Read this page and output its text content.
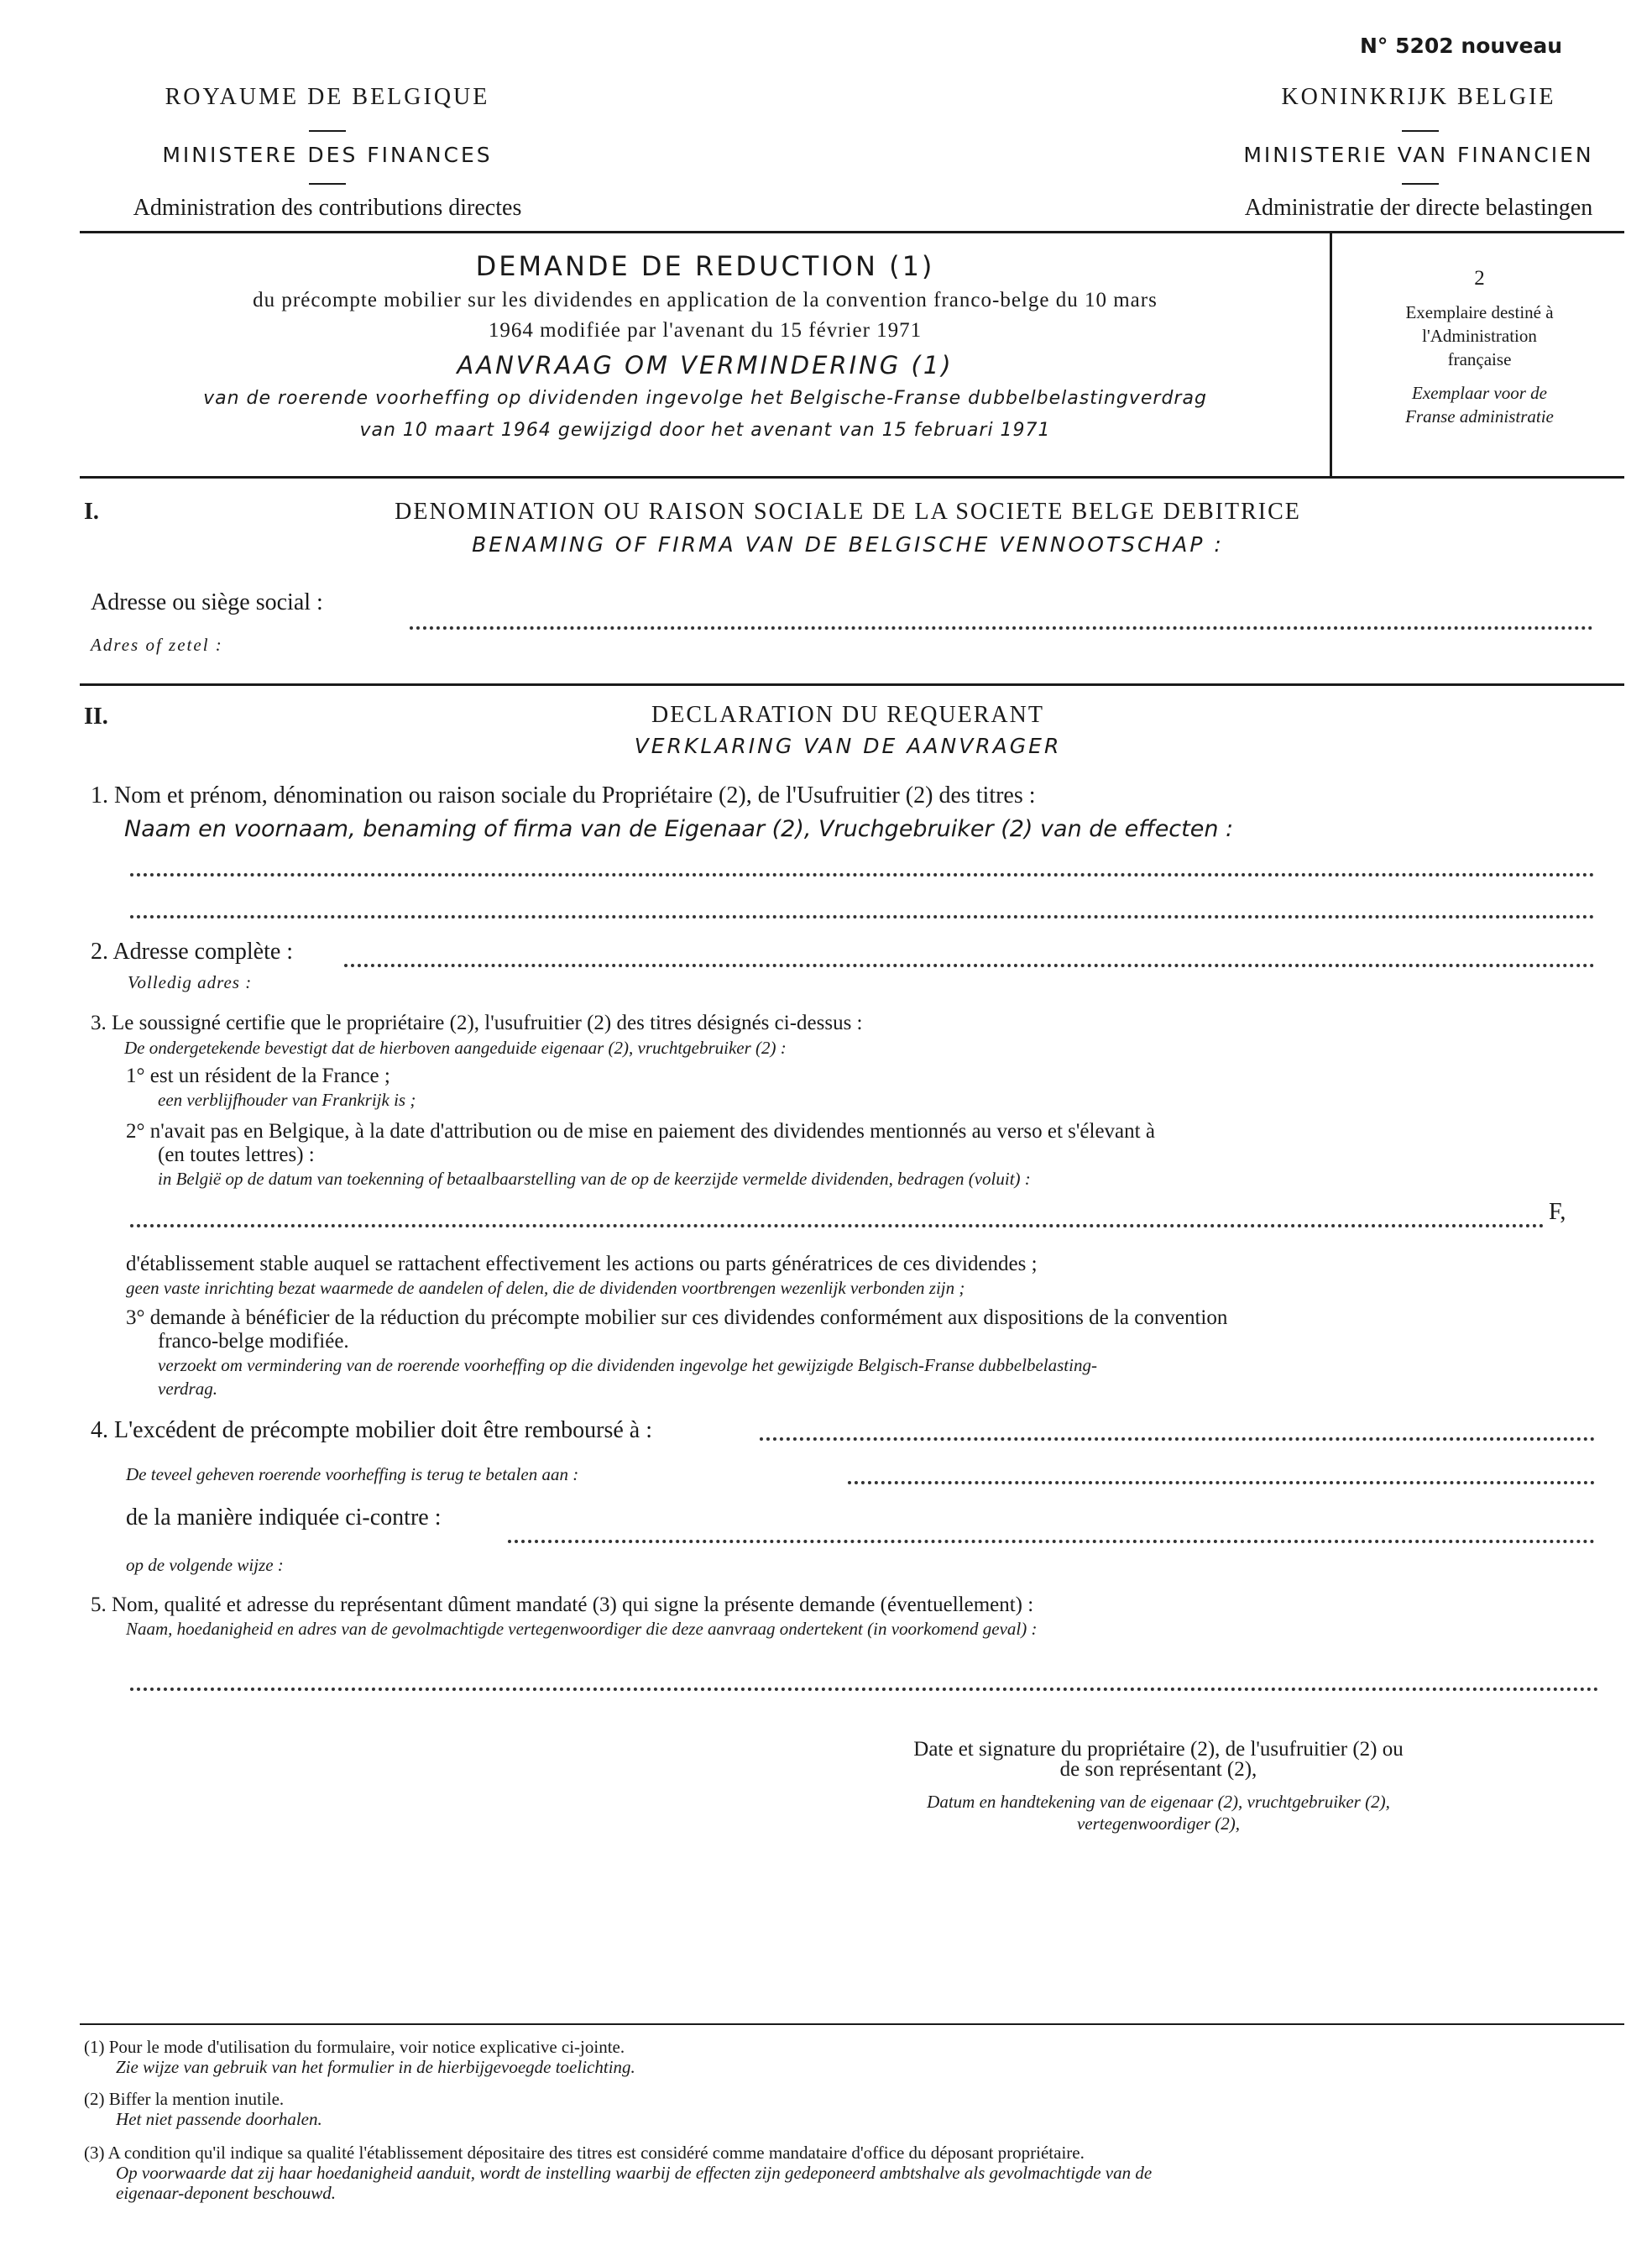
N° 5202 nouveau
ROYAUME DE BELGIQUE
MINISTERE DES FINANCES
Administration des contributions directes
KONINKRIJK BELGIE
MINISTERIE VAN FINANCIEN
Administratie der directe belastingen
DEMANDE DE REDUCTION (1)
du précompte mobilier sur les dividendes en application de la convention franco-belge du 10 mars
1964 modifiée par l'avenant du 15 février 1971
AANVRAAG OM VERMINDERING (1)
van de roerende voorheffing op dividenden ingevolge het Belgische-Franse dubbelbelastingverdrag
van 10 maart 1964 gewijzigd door het avenant van 15 februari 1971
2
Exemplaire destiné à
l'Administration
française
Exemplaar voor de
Franse administratie
I.	DENOMINATION OU RAISON SOCIALE DE LA SOCIETE BELGE DEBITRICE
BENAMING OF FIRMA VAN DE BELGISCHE VENNOOTSCHAP :
Adresse ou siège social :
Adres of zetel :
II.	DECLARATION DU REQUERANT
VERKLARING VAN DE AANVRAGER
1. Nom et prénom, dénomination ou raison sociale du Propriétaire (2), de l'Usufruitier (2) des titres :
Naam en voornaam, benaming of firma van de Eigenaar (2), Vruchgebruiker (2) van de effecten :
2. Adresse complète :
Volledig adres :
3. Le soussigné certifie que le propriétaire (2), l'usufruitier (2) des titres désignés ci-dessus :
De ondergetekende bevestigt dat de hierboven aangeduide eigenaar (2), vruchtgebruiker (2) :
1° est un résident de la France ;
een verblijfhouder van Frankrijk is ;
2° n'avait pas en Belgique, à la date d'attribution ou de mise en paiement des dividendes mentionnés au verso et s'élevant à
(en toutes lettres) :
in België op de datum van toekenning of betaalbaarstelling van de op de keerzijde vermelde dividenden, bedragen (voluit) :
F,
d'établissement stable auquel se rattachent effectivement les actions ou parts génératrices de ces dividendes ;
geen vaste inrichting bezat waarmede de aandelen of delen, die de dividenden voortbrengen wezenlijk verbonden zijn ;
3° demande à bénéficier de la réduction du précompte mobilier sur ces dividendes conformément aux dispositions de la convention
franco-belge modifiée.
verzoekt om vermindering van de roerende voorheffing op die dividenden ingevolge het gewijzigde Belgisch-Franse dubbelbelasting-
verdrag.
4. L'excédent de précompte mobilier doit être remboursé à :
De teveel geheven roerende voorheffing is terug te betalen aan :
de la manière indiquée ci-contre :
op de volgende wijze :
5. Nom, qualité et adresse du représentant dûment mandaté (3) qui signe la présente demande (éventuellement) :
Naam, hoedanigheid en adres van de gevolmachtigde vertegenwoordiger die deze aanvraag ondertekent (in voorkomend geval) :
Date et signature du propriétaire (2), de l'usufruitier (2) ou
de son représentant (2),
Datum en handtekening van de eigenaar (2), vruchtgebruiker (2),
vertegenwoordiger (2),
(1) Pour le mode d'utilisation du formulaire, voir notice explicative ci-jointe.
Zie wijze van gebruik van het formulier in de hierbijgevoegde toelichting.
(2) Biffer la mention inutile.
Het niet passende doorhalen.
(3) A condition qu'il indique sa qualité l'établissement dépositaire des titres est considéré comme mandataire d'office du déposant propriétaire.
Op voorwaarde dat zij haar hoedanigheid aanduit, wordt de instelling waarbij de effecten zijn gedeponeerd ambtshalve als gevolmachtigde van de
eigenaar-deponent beschouwd.
